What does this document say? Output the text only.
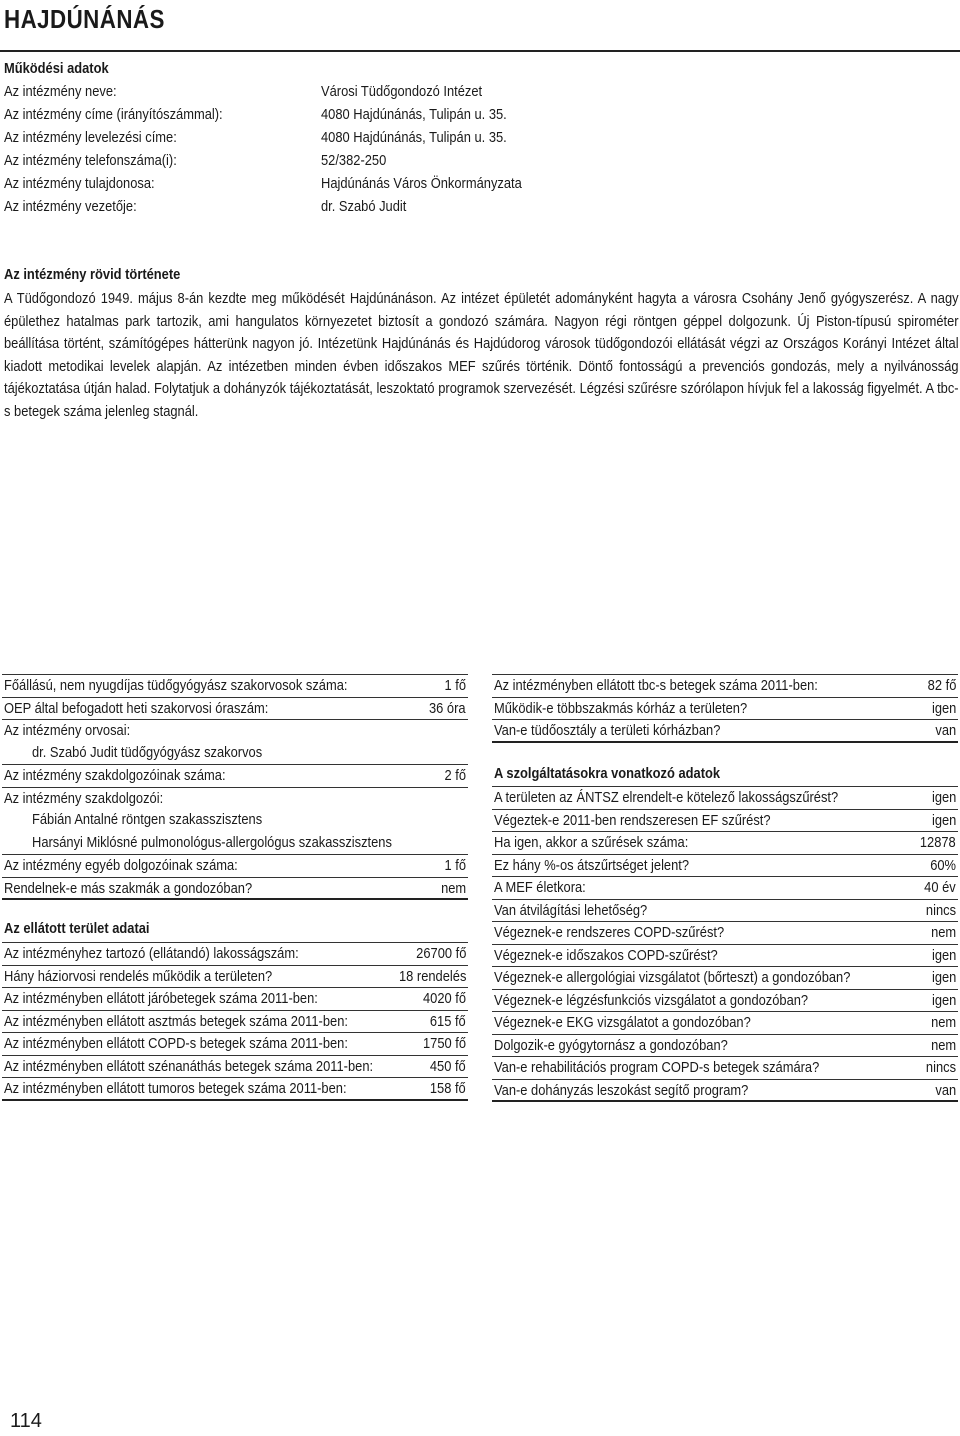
HAJDÚNÁNÁS
Működési adatok
Az intézmény neve:	Városi Tüdőgondozó Intézet
Az intézmény címe (irányítószámmal):	4080 Hajdúnánás, Tulipán u. 35.
Az intézmény levelezési címe:	4080 Hajdúnánás, Tulipán u. 35.
Az intézmény telefonszáma(i):	52/382-250
Az intézmény tulajdonosa:	Hajdúnánás Város Önkormányzata
Az intézmény vezetője:	dr. Szabó Judit
Az intézmény rövid története
A Tüdőgondozó 1949. május 8-án kezdte meg működését Hajdúnánáson. Az intézet épületét adományként hagyta a városra Csohány Jenő gyógyszerész. A nagy épülethez hatalmas park tartozik, ami hangulatos környezetet biztosít a gondozó számára. Nagyon régi röntgen géppel dolgozunk. Új Piston-típusú spirométer beállítása történt, számítógépes hátterünk nagyon jó. Intézetünk Hajdúnánás és Hajdúdorog városok tüdőgondozói ellátását végzi az Országos Korányi Intézet által kiadott metodikai levelek alapján. Az intézetben minden évben időszakos MEF szűrés történik. Döntő fontosságú a prevenciós gondozás, mely a nyilvánosság tájékoztatása útján halad. Folytatjuk a dohányzók tájékoztatását, leszoktató programok szervezését. Légzési szűrésre szórólapon hívjuk fel a lakosság figyelmét. A tbc-s betegek száma jelenleg stagnál.
Főállású, nem nyugdíjas tüdőgyógyász szakorvosok száma:	1 fő
OEP által befogadott heti szakorvosi óraszám:	36 óra
Az intézmény orvosai:
dr. Szabó Judit tüdőgyógyász szakorvos
Az intézmény szakdolgozóinak száma:	2 fő
Az intézmény szakdolgozói:
Fábián Antalné röntgen szakasszisztens
Harsányi Miklósné pulmonológus-allergológus szakasszisztens
Az intézmény egyéb dolgozóinak száma:	1 fő
Rendelnek-e más szakmák a gondozóban?	nem
Az ellátott terület adatai
Az intézményhez tartozó (ellátandó) lakosságszám:	26700 fő
Hány háziorvosi rendelés működik a területen?	18 rendelés
Az intézményben ellátott járóbetegek száma 2011-ben:	4020 fő
Az intézményben ellátott asztmás betegek száma 2011-ben:	615 fő
Az intézményben ellátott COPD-s betegek száma 2011-ben:	1750 fő
Az intézményben ellátott szénanáthás betegek száma 2011-ben:	450 fő
Az intézményben ellátott tumoros betegek száma 2011-ben:	158 fő
Az intézményben ellátott tbc-s betegek száma 2011-ben:	82 fő
Működik-e többszakmás kórház a területen?	igen
Van-e tüdőosztály a területi kórházban?	van
A szolgáltatásokra vonatkozó adatok
A területen az ÁNTSZ elrendelt-e kötelező lakosságszűrést?	igen
Végeztek-e 2011-ben rendszeresen EF szűrést?	igen
Ha igen, akkor a szűrések száma:	12878
Ez hány %-os átszűrtséget jelent?	60%
A MEF életkora:	40 év
Van átvilágítási lehetőség?	nincs
Végeznek-e rendszeres COPD-szűrést?	nem
Végeznek-e időszakos COPD-szűrést?	igen
Végeznek-e allergológiai vizsgálatot (bőrteszt) a gondozóban?	igen
Végeznek-e légzésfunkciós vizsgálatot a gondozóban?	igen
Végeznek-e EKG vizsgálatot a gondozóban?	nem
Dolgozik-e gyógytornász a gondozóban?	nem
Van-e rehabilitációs program COPD-s betegek számára?	nincs
Van-e dohányzás leszokást segítő program?	van
114
